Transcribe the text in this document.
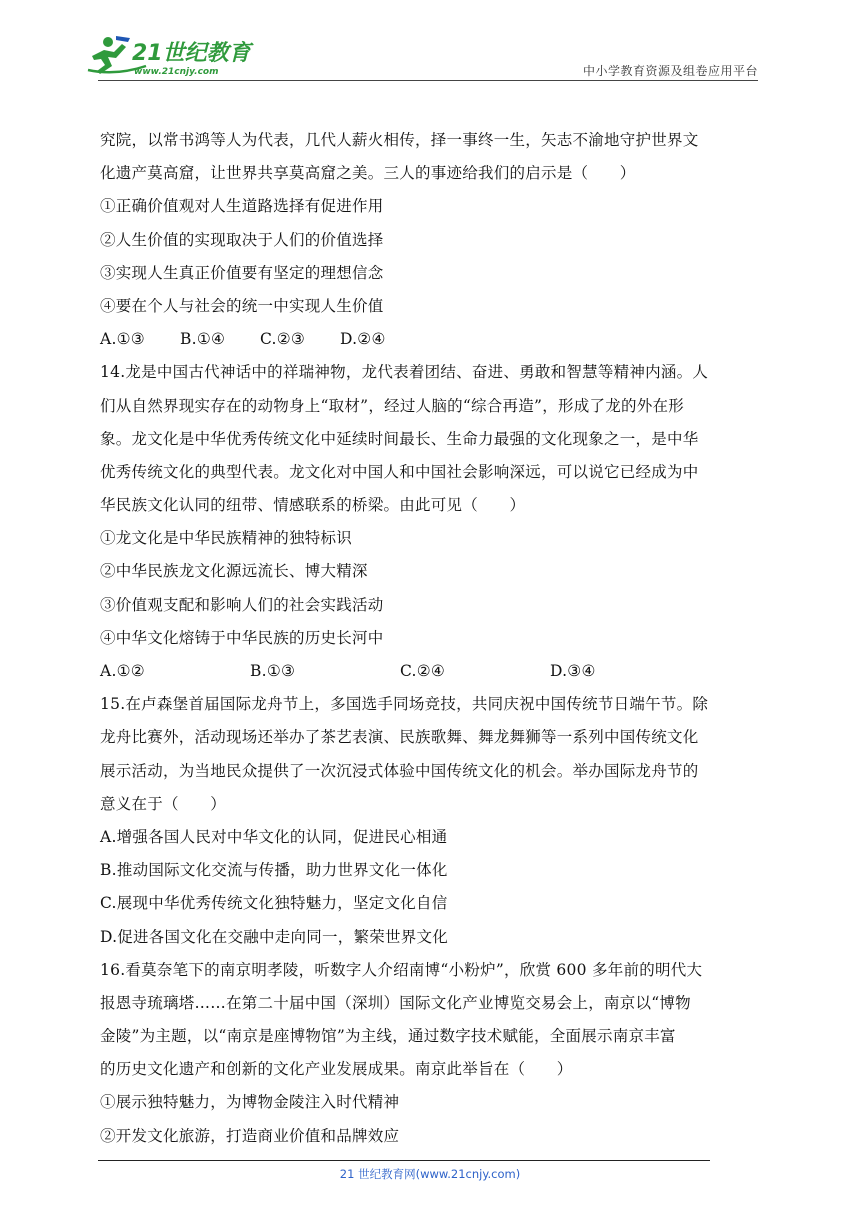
21世纪教育
www.21cnjy.com	中小学教育资源及组卷应用平台
究院，以常书鸿等人为代表，几代人薪火相传，择一事终一生，矢志不渝地守护世界文
化遗产莫高窟，让世界共享莫高窟之美。三人的事迹给我们的启示是（　　）
①正确价值观对人生道路选择有促进作用
②人生价值的实现取决于人们的价值选择
③实现人生真正价值要有坚定的理想信念
④要在个人与社会的统一中实现人生价值
A.①③	B.①④	C.②③	D.②④
14.龙是中国古代神话中的祥瑞神物，龙代表着团结、奋进、勇敢和智慧等精神内涵。人
们从自然界现实存在的动物身上“取材”，经过人脑的“综合再造”，形成了龙的外在形
象。龙文化是中华优秀传统文化中延续时间最长、生命力最强的文化现象之一，是中华
优秀传统文化的典型代表。龙文化对中国人和中国社会影响深远，可以说它已经成为中
华民族文化认同的纽带、情感联系的桥梁。由此可见（　　）
①龙文化是中华民族精神的独特标识
②中华民族龙文化源远流长、博大精深
③价值观支配和影响人们的社会实践活动
④中华文化熔铸于中华民族的历史长河中
A.①②	B.①③	C.②④	D.③④
15.在卢森堡首届国际龙舟节上，多国选手同场竞技，共同庆祝中国传统节日端午节。除
龙舟比赛外，活动现场还举办了茶艺表演、民族歌舞、舞龙舞狮等一系列中国传统文化
展示活动，为当地民众提供了一次沉浸式体验中国传统文化的机会。举办国际龙舟节的
意义在于（　　）
A.增强各国人民对中华文化的认同，促进民心相通
B.推动国际文化交流与传播，助力世界文化一体化
C.展现中华优秀传统文化独特魅力，坚定文化自信
D.促进各国文化在交融中走向同一，繁荣世界文化
16.看莫奈笔下的南京明孝陵，听数字人介绍南博“小粉炉”，欣赏 600 多年前的明代大
报恩寺琉璃塔……在第二十届中国（深圳）国际文化产业博览交易会上，南京以“博物
金陵”为主题，以“南京是座博物馆”为主线，通过数字技术赋能，全面展示南京丰富
的历史文化遗产和创新的文化产业发展成果。南京此举旨在（　　）
①展示独特魅力，为博物金陵注入时代精神
②开发文化旅游，打造商业价值和品牌效应
21 世纪教育网(www.21cnjy.com)
